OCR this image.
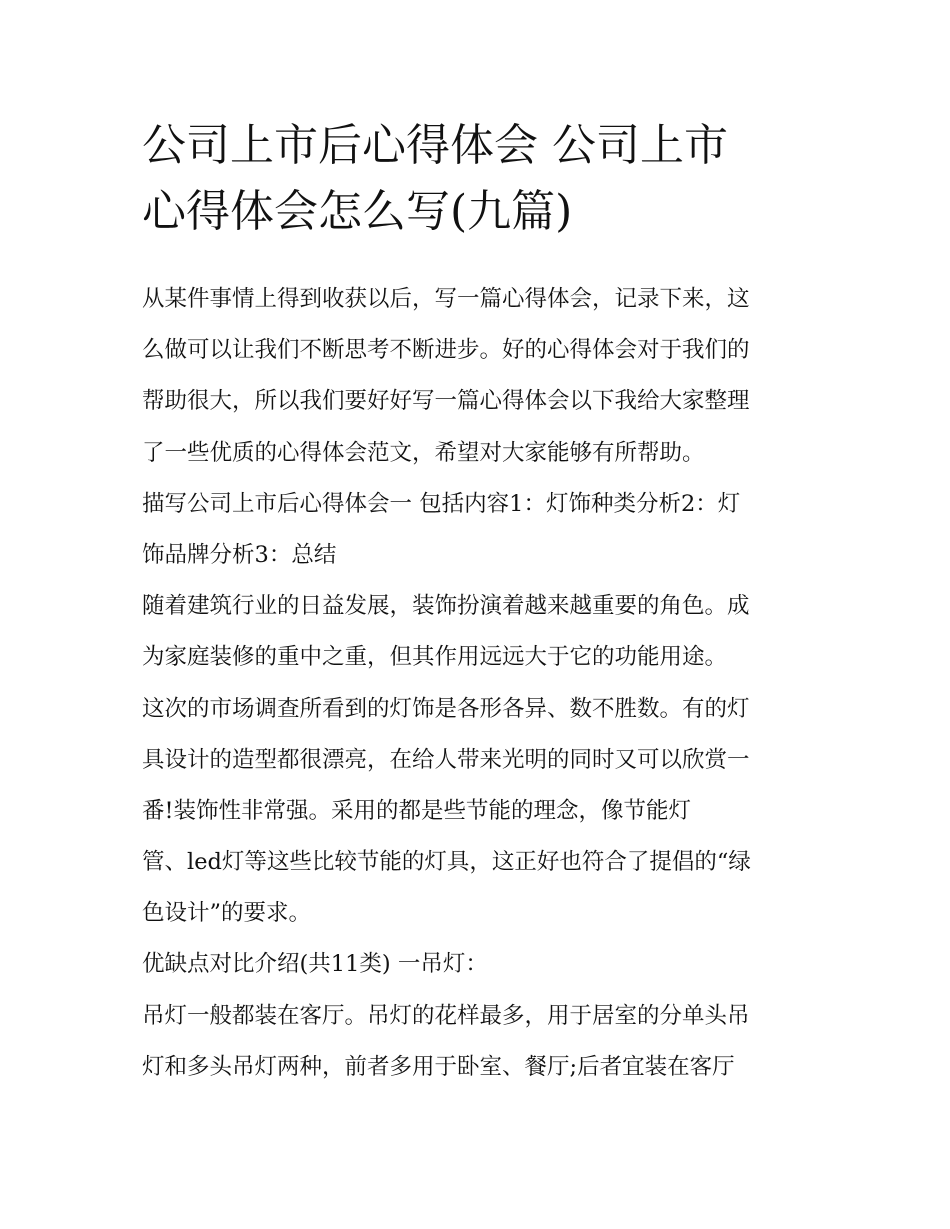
公司上市后心得体会 公司上市
心得体会怎么写(九篇)
从某件事情上得到收获以后，写一篇心得体会，记录下来，这
么做可以让我们不断思考不断进步。好的心得体会对于我们的
帮助很大，所以我们要好好写一篇心得体会以下我给大家整理
了一些优质的心得体会范文，希望对大家能够有所帮助。
描写公司上市后心得体会一 包括内容1：灯饰种类分析2：灯
饰品牌分析3：总结
随着建筑行业的日益发展，装饰扮演着越来越重要的角色。成
为家庭装修的重中之重，但其作用远远大于它的功能用途。
这次的市场调查所看到的灯饰是各形各异、数不胜数。有的灯
具设计的造型都很漂亮，在给人带来光明的同时又可以欣赏一
番!装饰性非常强。采用的都是些节能的理念，像节能灯
管、led灯等这些比较节能的灯具，这正好也符合了提倡的“绿
色设计”的要求。
优缺点对比介绍(共11类) 一吊灯：
吊灯一般都装在客厅。吊灯的花样最多，用于居室的分单头吊
灯和多头吊灯两种，前者多用于卧室、餐厅;后者宜装在客厅
